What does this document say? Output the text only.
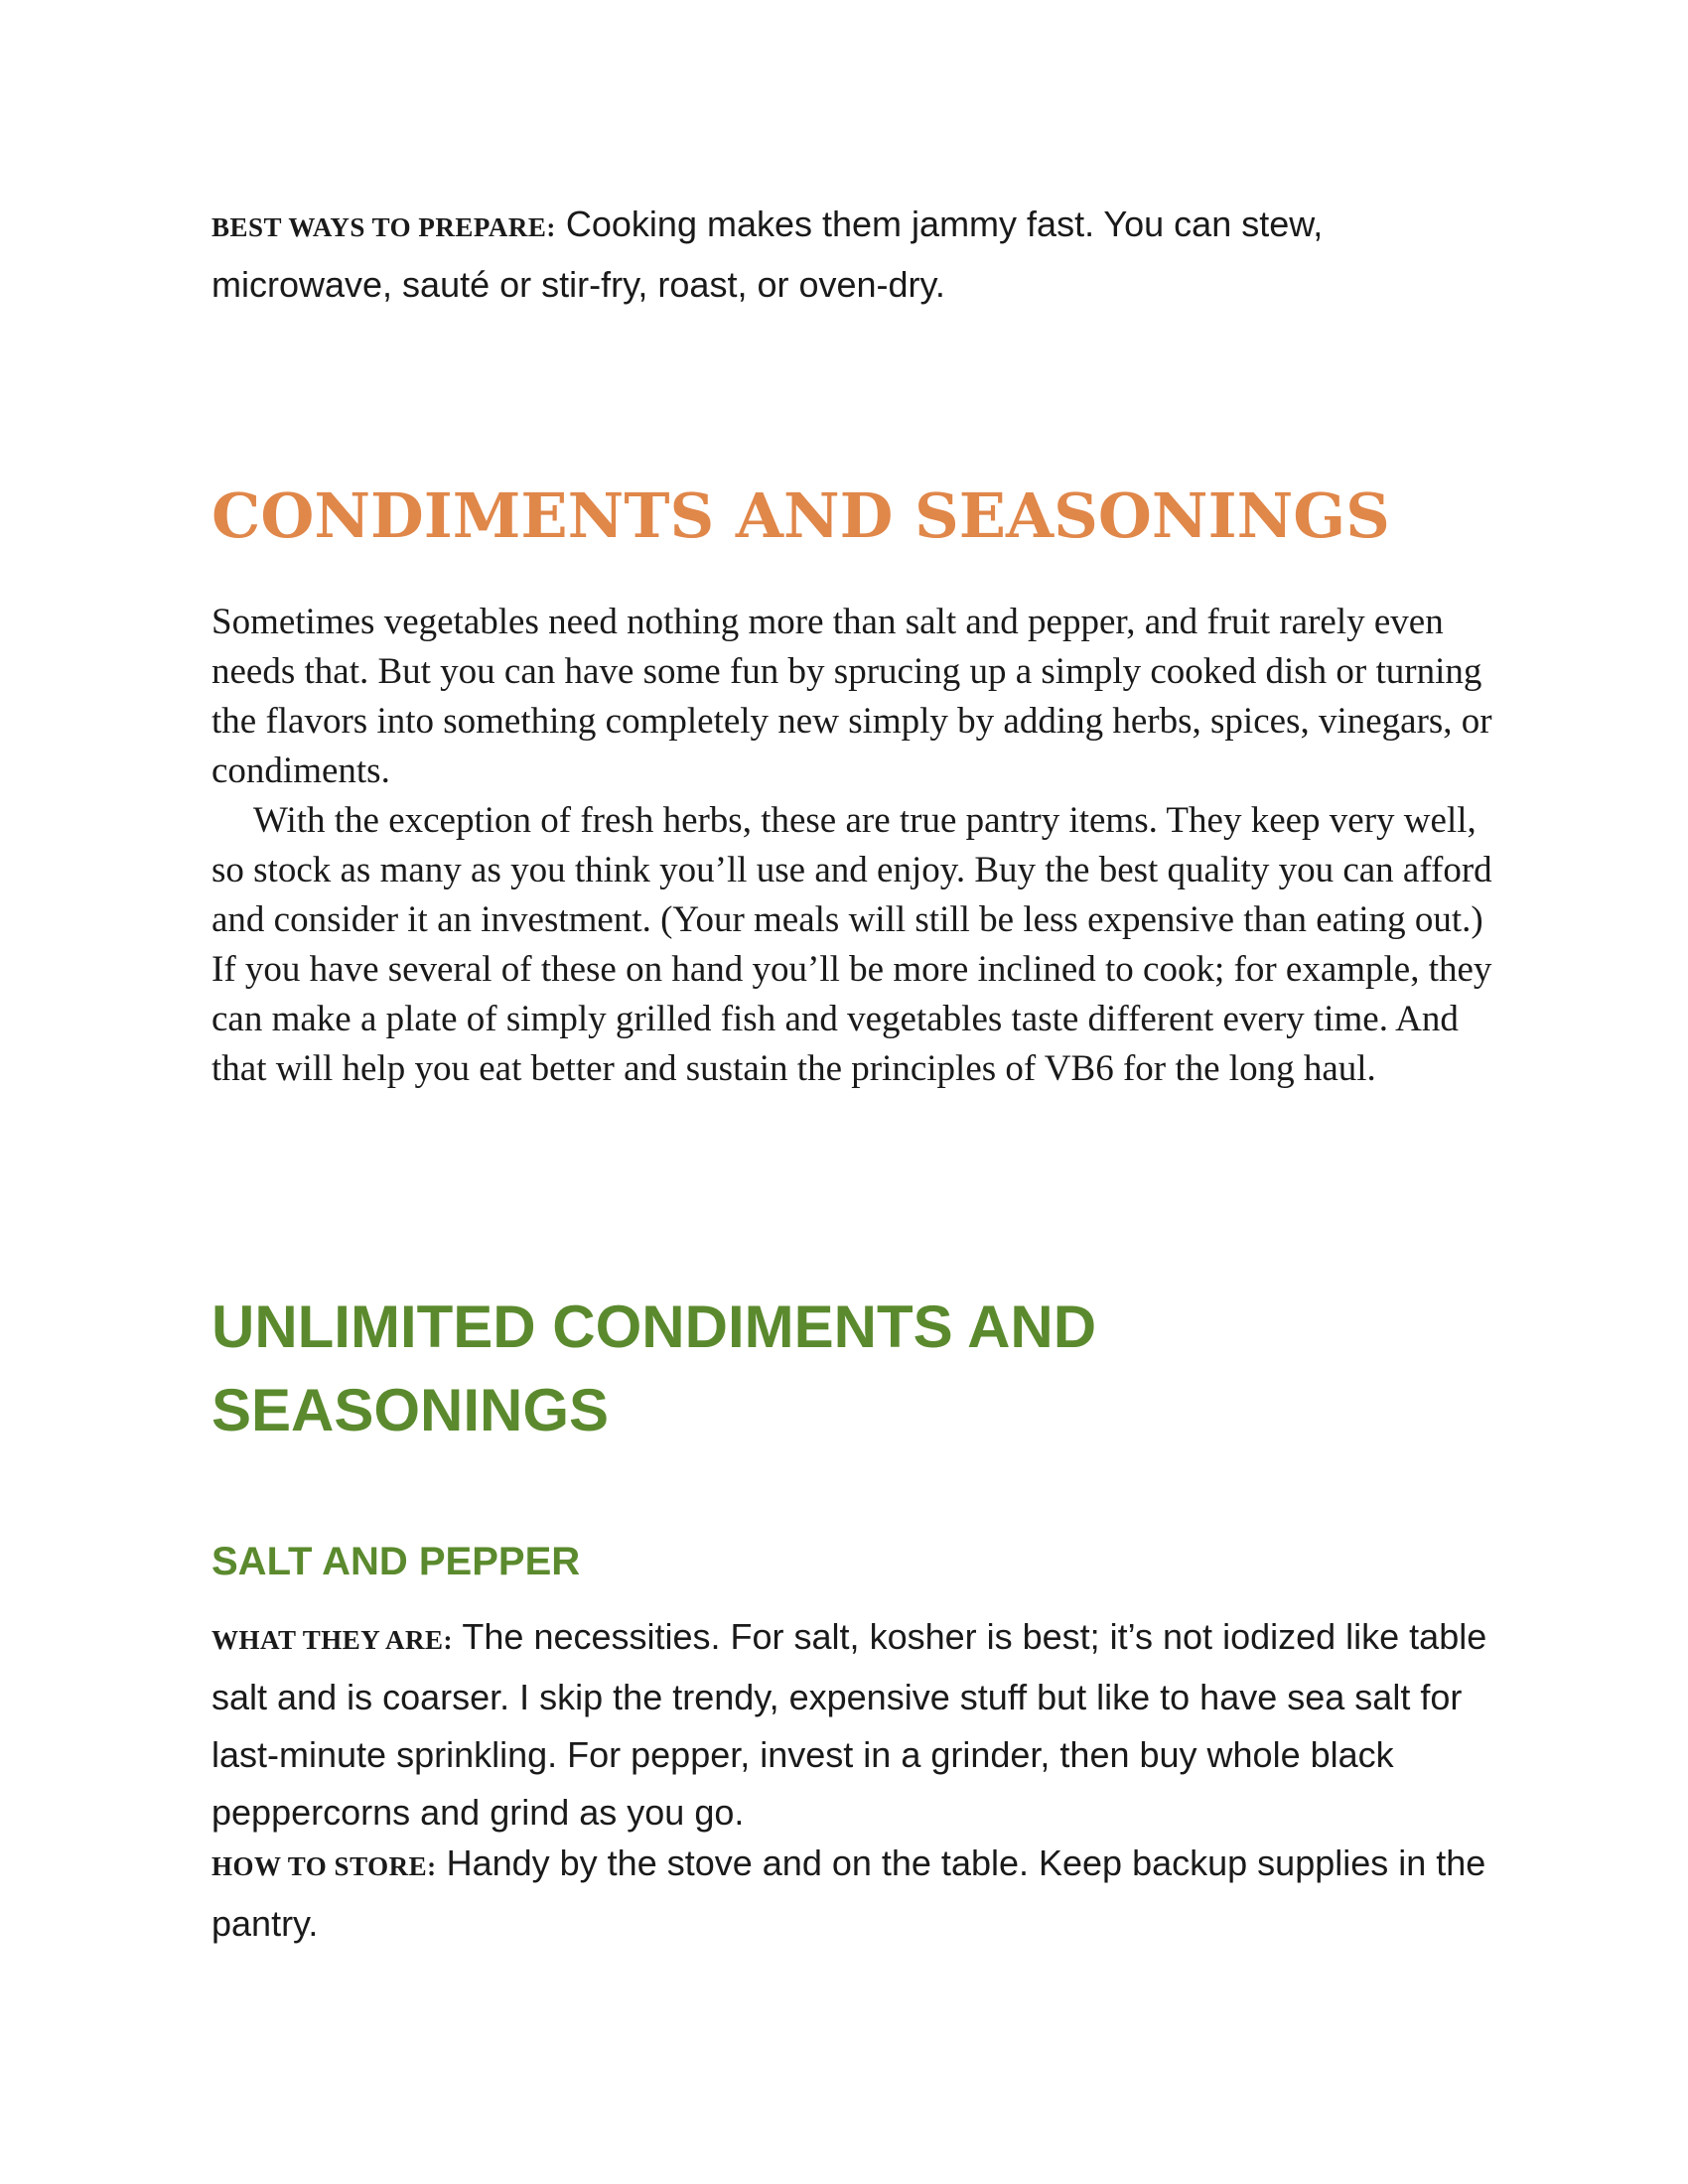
BEST WAYS TO PREPARE: Cooking makes them jammy fast. You can stew, microwave, sauté or stir-fry, roast, or oven-dry.

CONDIMENTS AND SEASONINGS

Sometimes vegetables need nothing more than salt and pepper, and fruit rarely even needs that. But you can have some fun by sprucing up a simply cooked dish or turning the flavors into something completely new simply by adding herbs, spices, vinegars, or condiments.

With the exception of fresh herbs, these are true pantry items. They keep very well, so stock as many as you think you’ll use and enjoy. Buy the best quality you can afford and consider it an investment. (Your meals will still be less expensive than eating out.) If you have several of these on hand you’ll be more inclined to cook; for example, they can make a plate of simply grilled fish and vegetables taste different every time. And that will help you eat better and sustain the principles of VB6 for the long haul.

UNLIMITED CONDIMENTS AND SEASONINGS
SALT AND PEPPER

WHAT THEY ARE: The necessities. For salt, kosher is best; it’s not iodized like table salt and is coarser. I skip the trendy, expensive stuff but like to have sea salt for last-minute sprinkling. For pepper, invest in a grinder, then buy whole black peppercorns and grind as you go.

HOW TO STORE: Handy by the stove and on the table. Keep backup supplies in the pantry.
